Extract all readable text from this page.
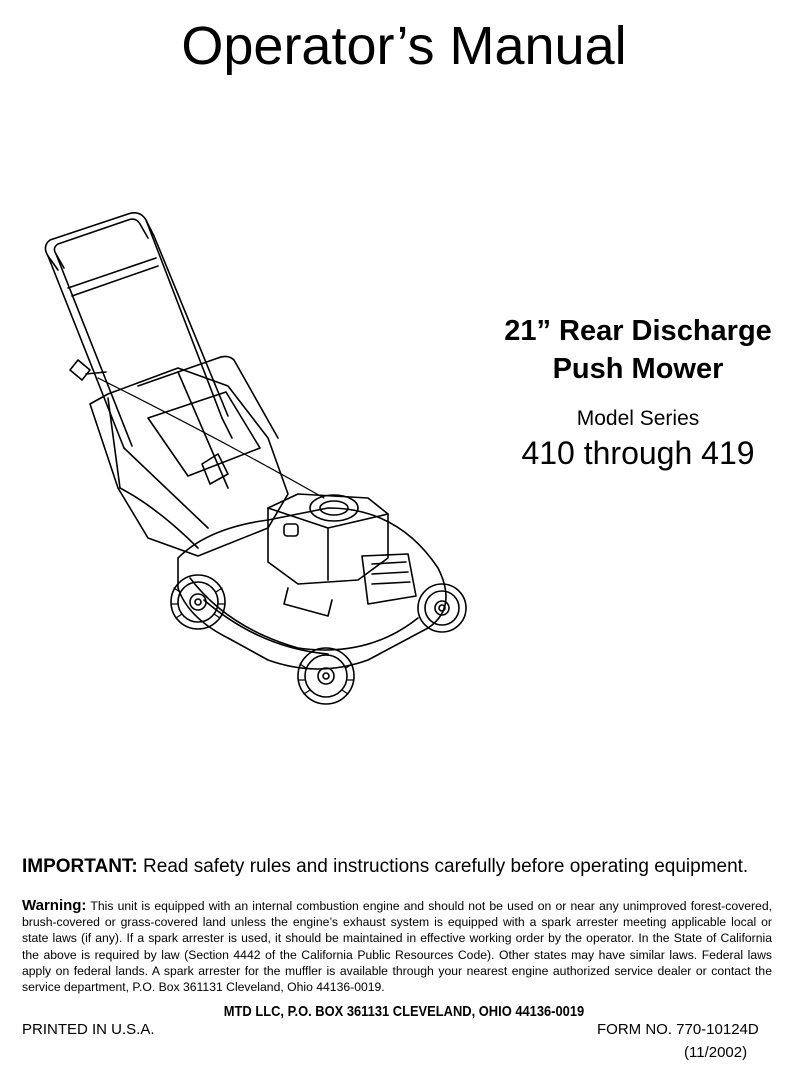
Operator’s Manual
21” Rear Discharge
Push Mower
Model Series
410 through 419
IMPORTANT: Read safety rules and instructions carefully before operating equipment.
Warning: This unit is equipped with an internal combustion engine and should not be used on or near any unimproved forest-covered, brush-covered or grass-covered land unless the engine’s exhaust system is equipped with a spark arrester meeting applicable local or state laws (if any). If a spark arrester is used, it should be maintained in effective working order by the operator. In the State of California the above is required by law (Section 4442 of the California Public Resources Code). Other states may have similar laws. Federal laws apply on federal lands. A spark arrester for the muffler is available through your nearest engine authorized service dealer or contact the service department, P.O. Box 361131 Cleveland, Ohio 44136-0019.
MTD LLC, P.O. BOX 361131 CLEVELAND, OHIO 44136-0019
PRINTED IN U.S.A.	FORM NO. 770-10124D
(11/2002)
